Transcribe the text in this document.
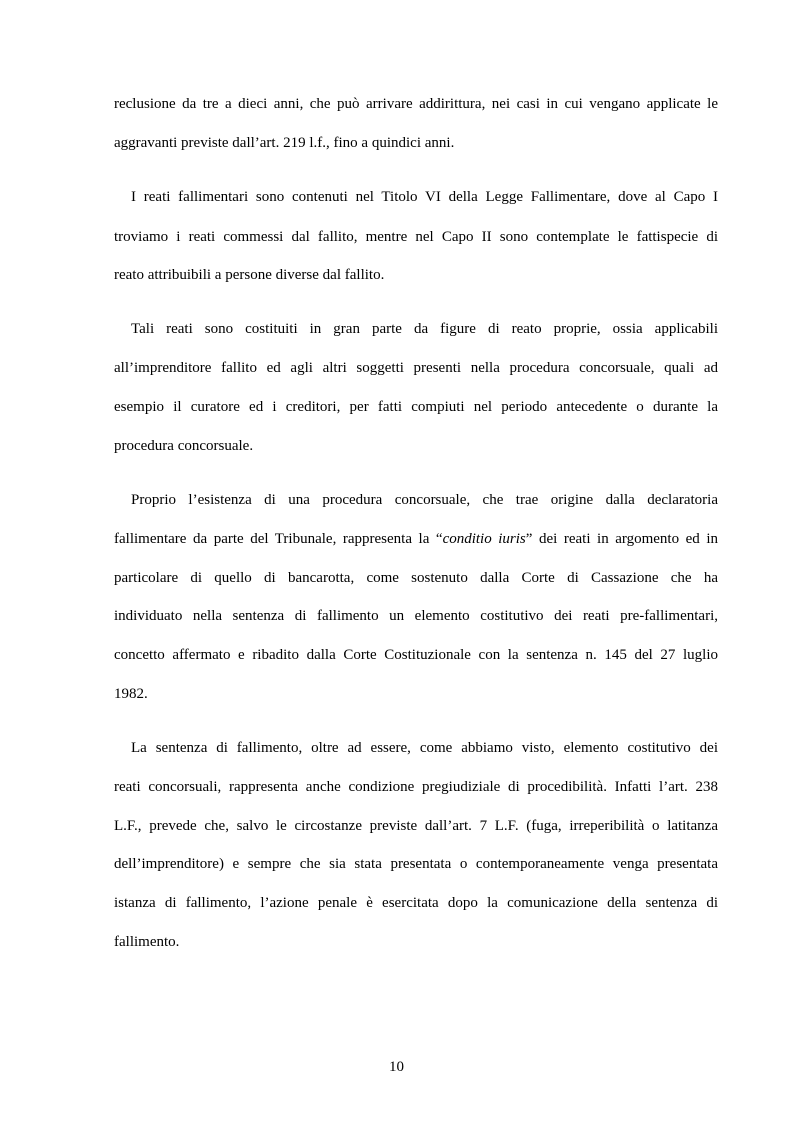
reclusione da tre a dieci anni, che può arrivare addirittura, nei casi in cui vengano applicate le
aggravanti previste dall’art. 219 l.f., fino a quindici anni.
I reati fallimentari sono contenuti nel Titolo VI della Legge Fallimentare, dove al Capo I
troviamo i reati commessi dal fallito, mentre nel Capo II sono contemplate le fattispecie di
reato attribuibili a persone diverse dal fallito.
Tali reati sono costituiti in gran parte da figure di reato proprie, ossia applicabili
all’imprenditore fallito ed agli altri soggetti presenti nella procedura concorsuale, quali ad
esempio il curatore ed i creditori, per fatti compiuti nel periodo antecedente o durante la
procedura concorsuale.
Proprio l’esistenza di una procedura concorsuale, che trae origine dalla declaratoria
fallimentare da parte del Tribunale, rappresenta la “conditio iuris” dei reati in argomento ed in
particolare di quello di bancarotta, come sostenuto dalla Corte di Cassazione che ha
individuato nella sentenza di fallimento un elemento costitutivo dei reati pre-fallimentari,
concetto affermato e ribadito dalla Corte Costituzionale con la sentenza n. 145 del 27 luglio
1982.
La sentenza di fallimento, oltre ad essere, come abbiamo visto, elemento costitutivo dei
reati concorsuali, rappresenta anche condizione pregiudiziale di procedibilità. Infatti l’art. 238
L.F., prevede che, salvo le circostanze previste dall’art. 7 L.F. (fuga, irreperibilità o latitanza
dell’imprenditore) e sempre che sia stata presentata o contemporaneamente venga presentata
istanza di fallimento, l’azione penale è esercitata dopo la comunicazione della sentenza di
fallimento.
10
